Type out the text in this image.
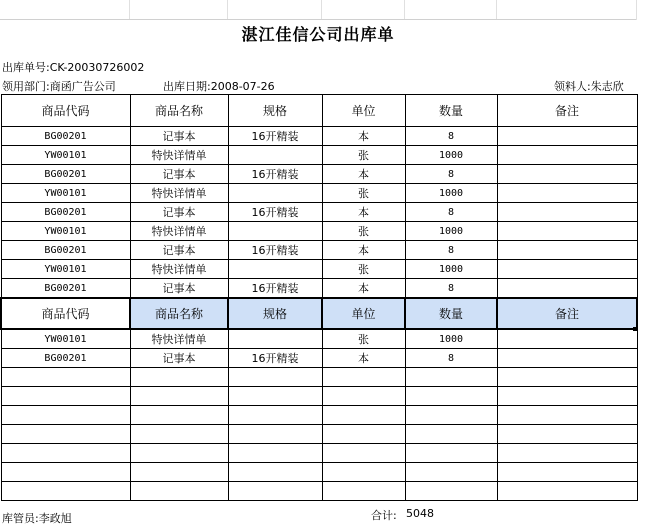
湛江佳信公司出库单
出库单号:CK-20030726002
领用部门:商函广告公司	出库日期:2008-07-26	领料人:朱志欣
商品代码	商品名称	规格	单位	数量	备注
BG00201	记事本	16开精装	本	8	
YW00101	特快详情单		张	1000	
BG00201	记事本	16开精装	本	8	
YW00101	特快详情单		张	1000	
BG00201	记事本	16开精装	本	8	
YW00101	特快详情单		张	1000	
BG00201	记事本	16开精装	本	8	
YW00101	特快详情单		张	1000	
BG00201	记事本	16开精装	本	8	
商品代码	商品名称	规格	单位	数量	备注
YW00101	特快详情单		张	1000	
BG00201	记事本	16开精装	本	8	

库管员:李政旭	合计: 5048
